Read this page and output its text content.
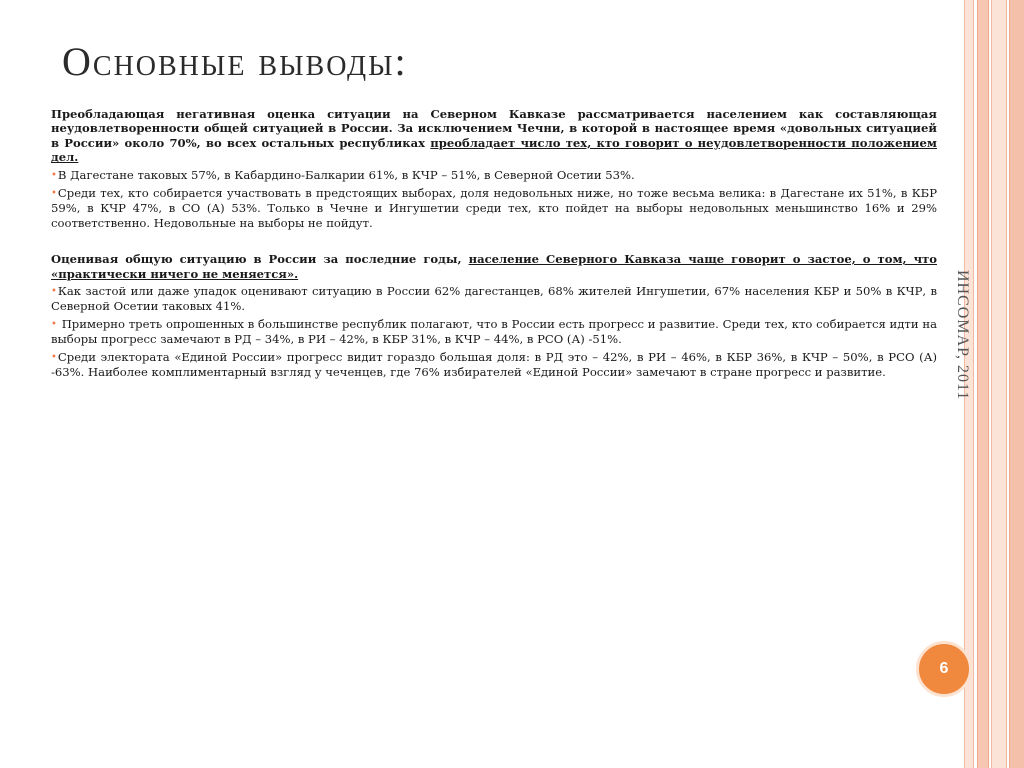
Основные выводы:

Преобладающая негативная оценка ситуации на Северном Кавказе рассматривается населением как составляющая неудовлетворенности общей ситуацией в России. За исключением Чечни, в которой в настоящее время «довольных ситуацией в России» около 70%, во всех остальных республиках преобладает число тех, кто говорит о неудовлетворенности положением дел.

•В Дагестане таковых 57%, в Кабардино-Балкарии 61%, в КЧР – 51%, в Северной Осетии 53%.

•Среди тех, кто собирается участвовать в предстоящих выборах, доля недовольных ниже, но тоже весьма велика: в Дагестане их 51%, в КБР 59%, в КЧР 47%, в СО (А) 53%. Только в Чечне и Ингушетии среди тех, кто пойдет на выборы недовольных меньшинство 16% и 29% соответственно. Недовольные на выборы не пойдут.

Оценивая общую ситуацию в России за последние годы, население Северного Кавказа чаще говорит о застое, о том, что «практически ничего не меняется».

•Как застой или даже упадок оценивают ситуацию в России 62% дагестанцев, 68% жителей Ингушетии, 67% населения КБР и 50% в КЧР, в Северной Осетии таковых 41%.

• Примерно треть опрошенных в большинстве республик полагают, что в России есть прогресс и развитие. Среди тех, кто собирается идти на выборы прогресс замечают в РД – 34%, в РИ – 42%, в КБР 31%, в КЧР – 44%, в РСО (А) -51%.

•Среди электората «Единой России» прогресс видит гораздо большая доля: в РД это – 42%, в РИ – 46%, в КБР 36%, в КЧР – 50%, в РСО (А) -63%. Наиболее комплиментарный взгляд у чеченцев, где 76% избирателей «Единой России» замечают в стране прогресс и развитие.	ИНСОМАР, 2011
6
